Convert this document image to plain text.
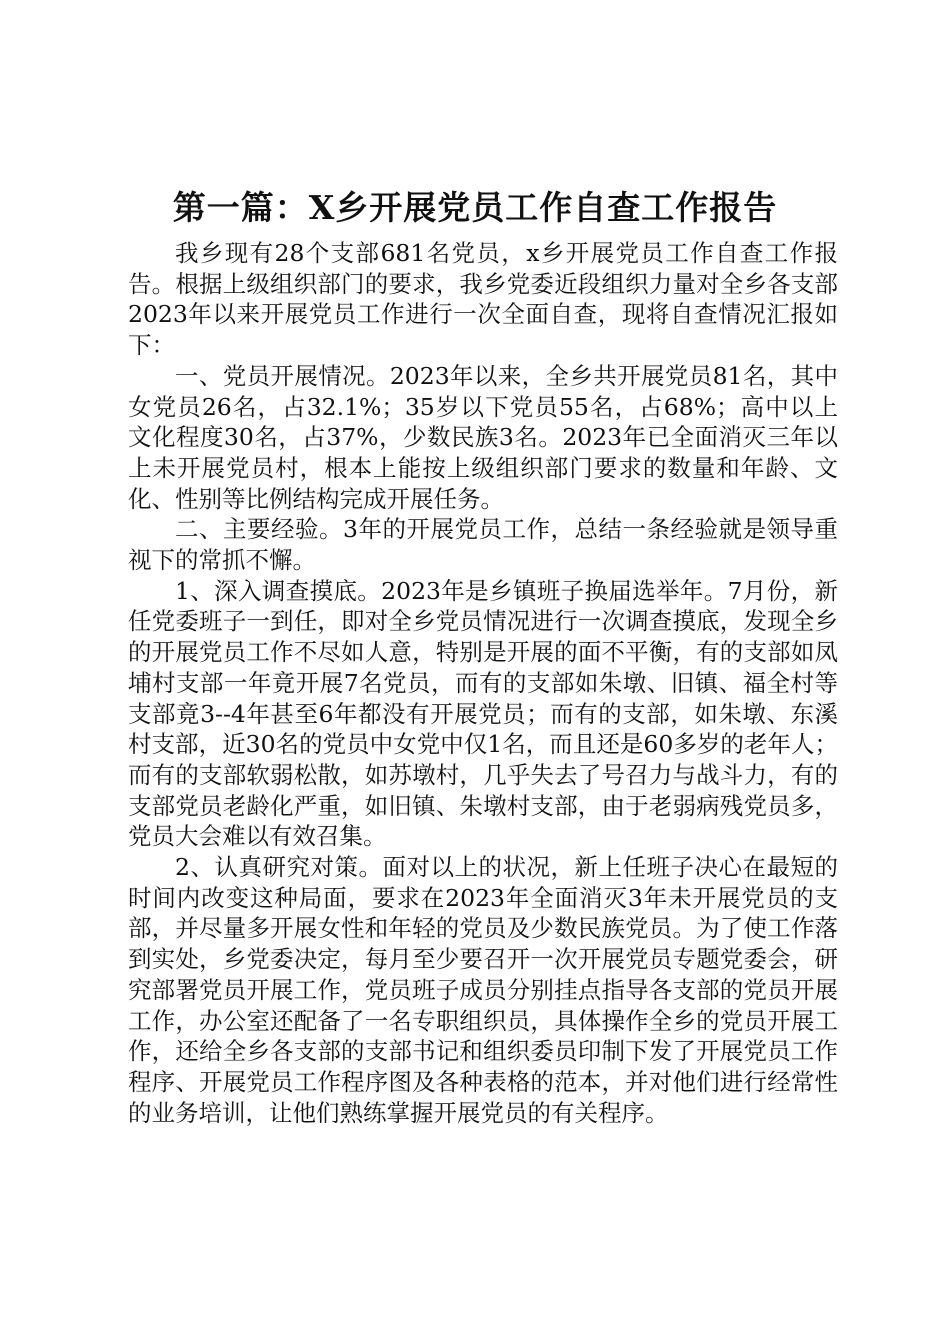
第一篇：X乡开展党员工作自查工作报告

我乡现有28个支部681名党员，x乡开展党员工作自查工作报告。根据上级组织部门的要求，我乡党委近段组织力量对全乡各支部2023年以来开展党员工作进行一次全面自查，现将自查情况汇报如下：

一、党员开展情况。2023年以来，全乡共开展党员81名，其中女党员26名，占32.1%；35岁以下党员55名，占68%；高中以上文化程度30名，占37%，少数民族3名。2023年已全面消灭三年以上未开展党员村，根本上能按上级组织部门要求的数量和年龄、文化、性别等比例结构完成开展任务。

二、主要经验。3年的开展党员工作，总结一条经验就是领导重视下的常抓不懈。

1、深入调查摸底。2023年是乡镇班子换届选举年。7月份，新任党委班子一到任，即对全乡党员情况进行一次调查摸底，发现全乡的开展党员工作不尽如人意，特别是开展的面不平衡，有的支部如凤埔村支部一年竟开展7名党员，而有的支部如朱墩、旧镇、福全村等支部竟3--4年甚至6年都没有开展党员；而有的支部，如朱墩、东溪村支部，近30名的党员中女党中仅1名，而且还是60多岁的老年人；而有的支部软弱松散，如苏墩村，几乎失去了号召力与战斗力，有的支部党员老龄化严重，如旧镇、朱墩村支部，由于老弱病残党员多，党员大会难以有效召集。

2、认真研究对策。面对以上的状况，新上任班子决心在最短的时间内改变这种局面，要求在2023年全面消灭3年未开展党员的支部，并尽量多开展女性和年轻的党员及少数民族党员。为了使工作落到实处，乡党委决定，每月至少要召开一次开展党员专题党委会，研究部署党员开展工作，党员班子成员分别挂点指导各支部的党员开展工作，办公室还配备了一名专职组织员，具体操作全乡的党员开展工作，还给全乡各支部的支部书记和组织委员印制下发了开展党员工作程序、开展党员工作程序图及各种表格的范本，并对他们进行经常性的业务培训，让他们熟练掌握开展党员的有关程序。
